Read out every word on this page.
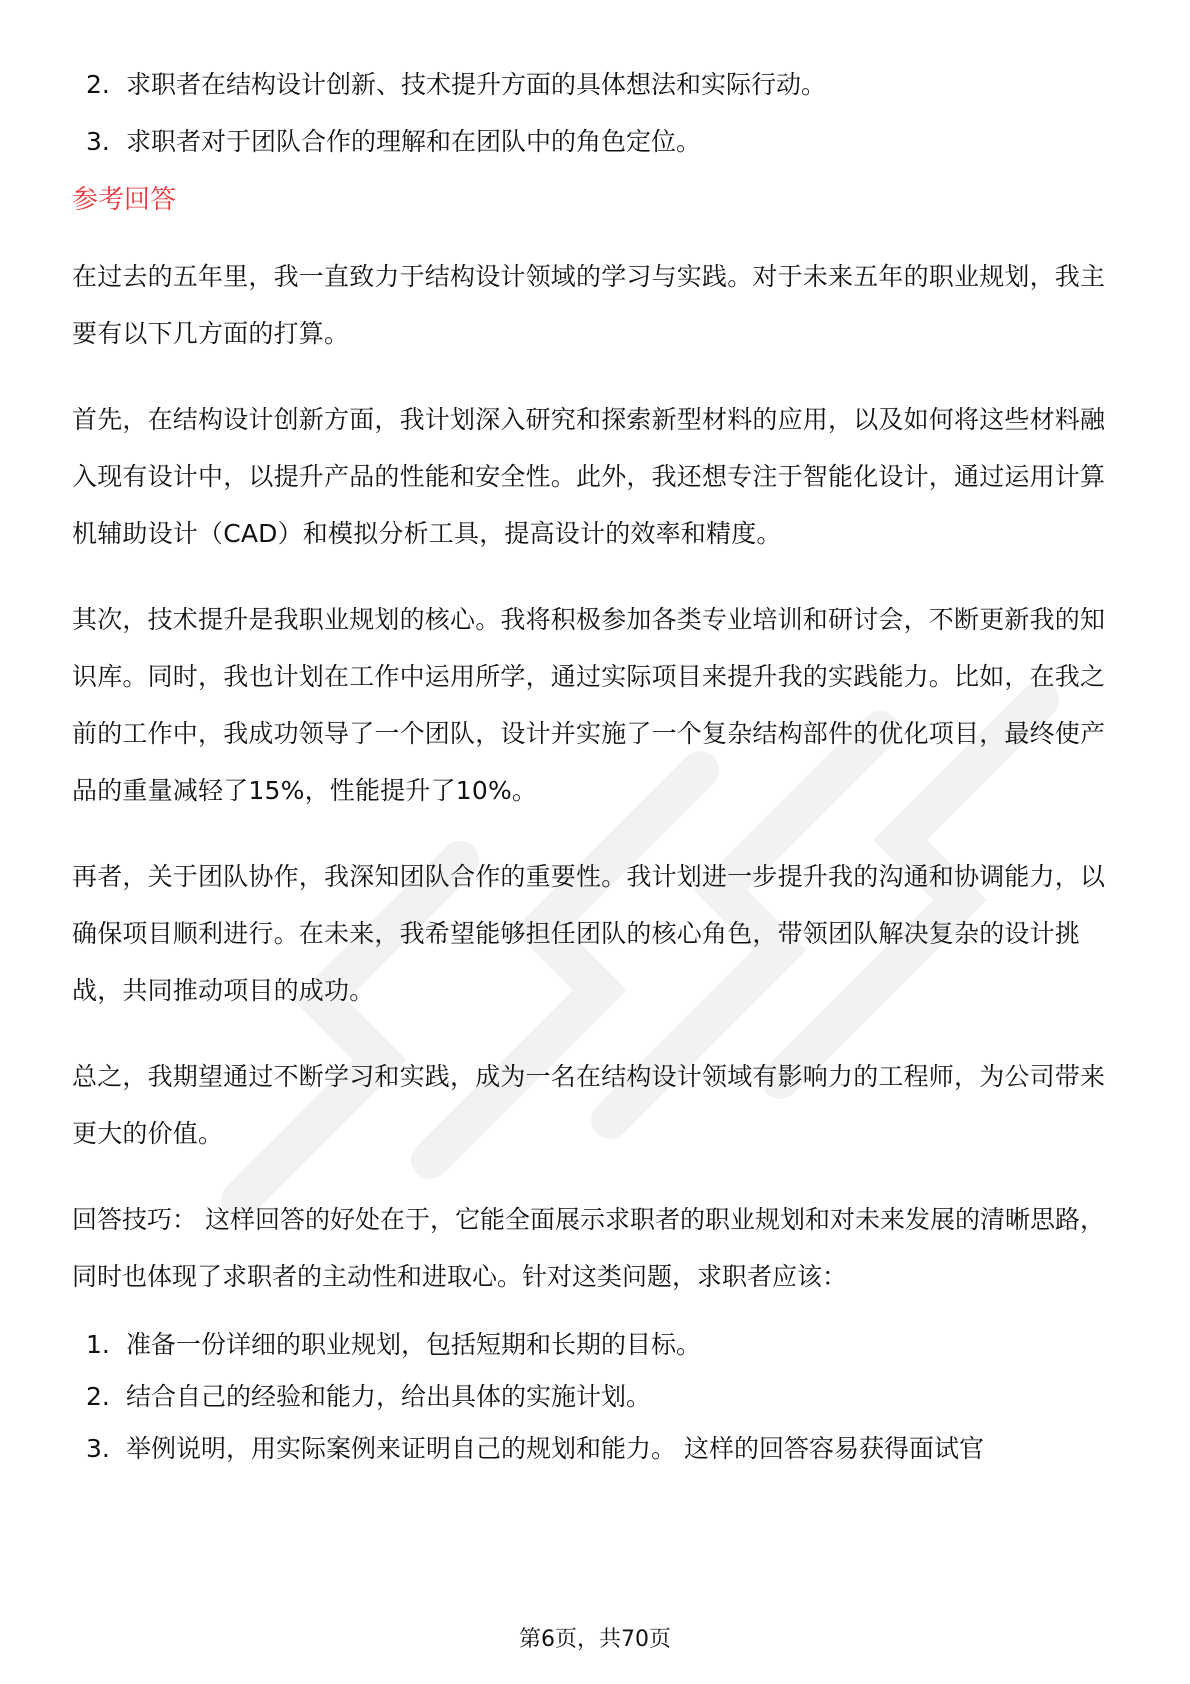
2. 求职者在结构设计创新、技术提升方面的具体想法和实际行动。
3. 求职者对于团队合作的理解和在团队中的角色定位。
参考回答

在过去的五年里，我一直致力于结构设计领域的学习与实践。对于未来五年的职业规划，我主要有以下几方面的打算。

首先，在结构设计创新方面，我计划深入研究和探索新型材料的应用，以及如何将这些材料融入现有设计中，以提升产品的性能和安全性。此外，我还想专注于智能化设计，通过运用计算机辅助设计（CAD）和模拟分析工具，提高设计的效率和精度。

其次，技术提升是我职业规划的核心。我将积极参加各类专业培训和研讨会，不断更新我的知识库。同时，我也计划在工作中运用所学，通过实际项目来提升我的实践能力。比如，在我之前的工作中，我成功领导了一个团队，设计并实施了一个复杂结构部件的优化项目，最终使产品的重量减轻了15%，性能提升了10%。

再者，关于团队协作，我深知团队合作的重要性。我计划进一步提升我的沟通和协调能力，以确保项目顺利进行。在未来，我希望能够担任团队的核心角色，带领团队解决复杂的设计挑战，共同推动项目的成功。

总之，我期望通过不断学习和实践，成为一名在结构设计领域有影响力的工程师，为公司带来更大的价值。

回答技巧： 这样回答的好处在于，它能全面展示求职者的职业规划和对未来发展的清晰思路，同时也体现了求职者的主动性和进取心。针对这类问题，求职者应该：

1. 准备一份详细的职业规划，包括短期和长期的目标。
2. 结合自己的经验和能力，给出具体的实施计划。
3. 举例说明，用实际案例来证明自己的规划和能力。 这样的回答容易获得面试官
第6页，共70页
